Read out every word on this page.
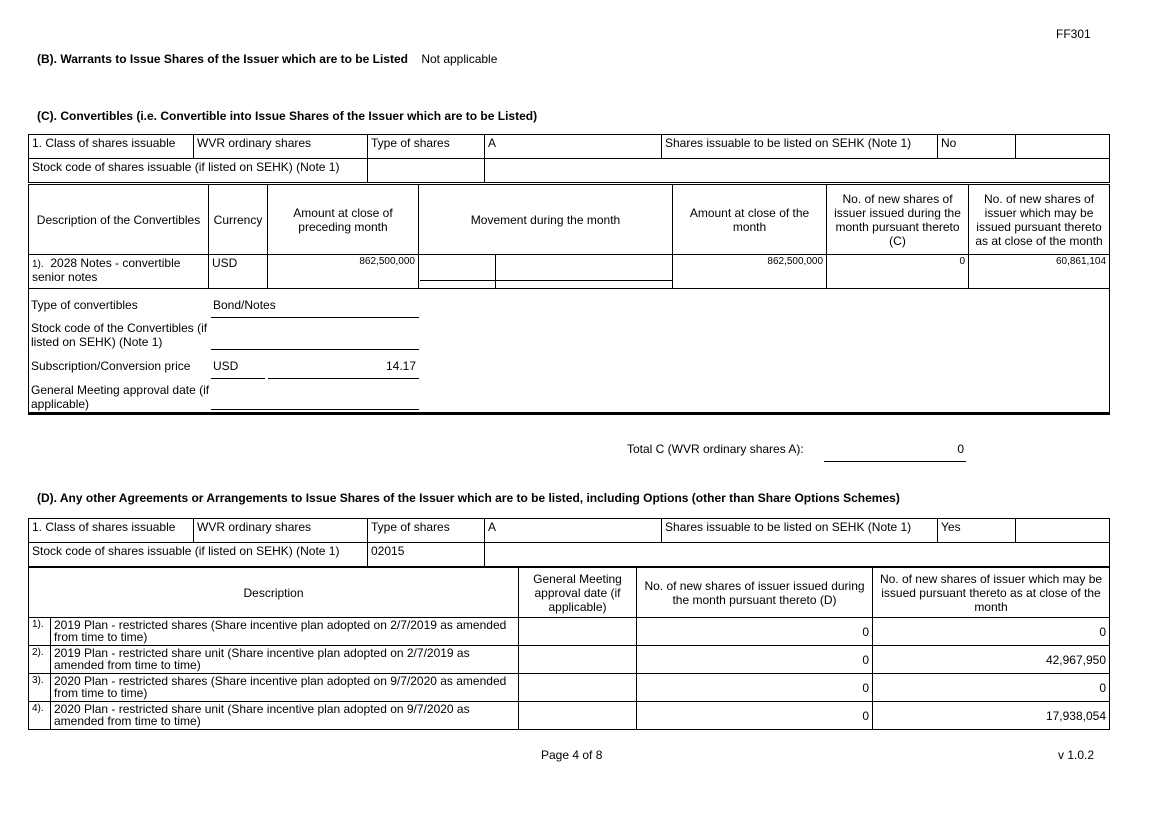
FF301
(B). Warrants to Issue Shares of the Issuer which are to be Listed Not applicable
(C). Convertibles (i.e. Convertible into Issue Shares of the Issuer which are to be Listed)
1. Class of shares issuable	WVR ordinary shares	Type of shares	A	Shares issuable to be listed on SEHK (Note 1)	No	
Stock code of shares issuable (if listed on SEHK) (Note 1)						
Description of the Convertibles	Currency	Amount at close of preceding month	Movement during the month		Amount at close of the month	No. of new shares of issuer issued during the month pursuant thereto (C)	No. of new shares of issuer which may be issued pursuant thereto as at close of the month
1). 2028 Notes - convertible senior notes	USD	862,500,000			862,500,000	0	60,861,104
Type of convertibles	Bond/Notes
Stock code of the Convertibles (if listed on SEHK) (Note 1)
Subscription/Conversion price USD	14.17
General Meeting approval date (if applicable)
Total C (WVR ordinary shares A):	0
(D). Any other Agreements or Arrangements to Issue Shares of the Issuer which are to be listed, including Options (other than Share Options Schemes)
1. Class of shares issuable	WVR ordinary shares	Type of shares	A	Shares issuable to be listed on SEHK (Note 1)	Yes	
Stock code of shares issuable (if listed on SEHK) (Note 1)		02015				
Description		General Meeting approval date (if applicable)	No. of new shares of issuer issued during the month pursuant thereto (D)	No. of new shares of issuer which may be issued pursuant thereto as at close of the month
1).	2019 Plan - restricted shares (Share incentive plan adopted on 2/7/2019 as amended from time to time)		0	0
2).	2019 Plan - restricted share unit (Share incentive plan adopted on 2/7/2019 as amended from time to time)		0	42,967,950
3).	2020 Plan - restricted shares (Share incentive plan adopted on 9/7/2020 as amended from time to time)		0	0
4).	2020 Plan - restricted share unit (Share incentive plan adopted on 9/7/2020 as amended from time to time)		0	17,938,054
Page 4 of 8	v 1.0.2
